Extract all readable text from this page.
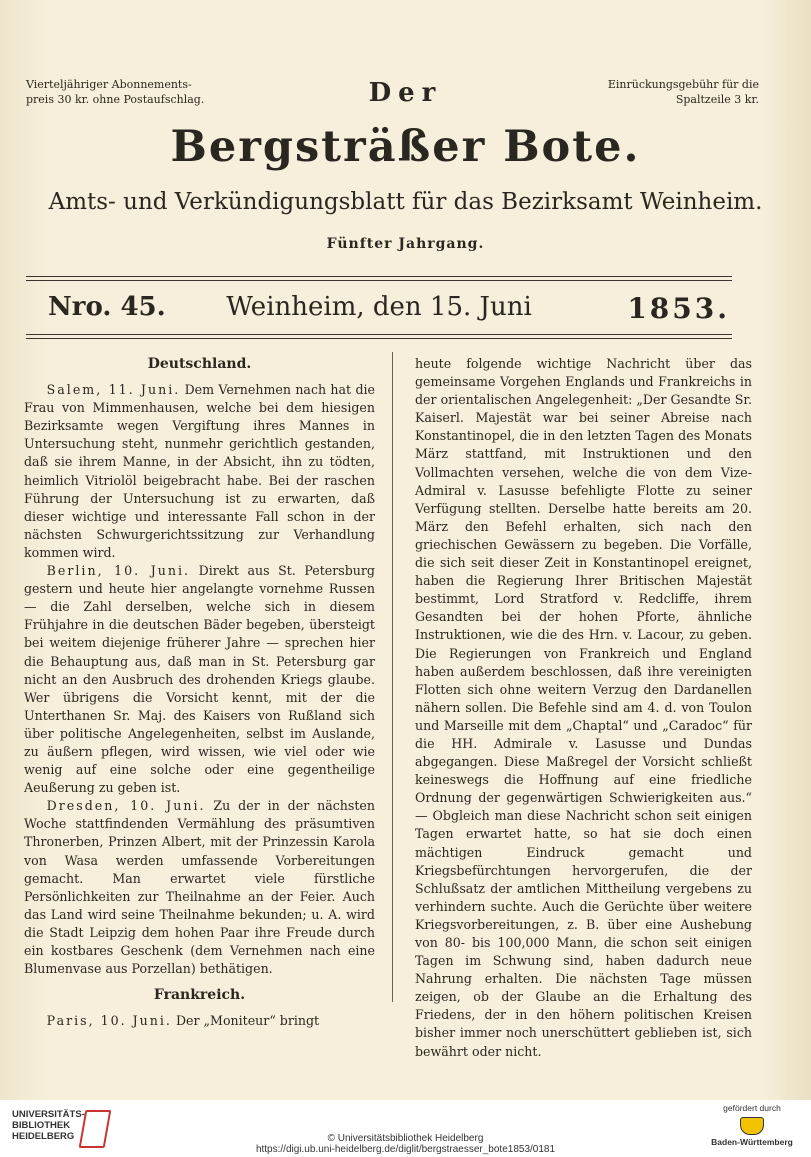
Vierteljähriger Abonnements-preis 30 kr. ohne Postaufschlag.
Einrückungsgebühr für die Spaltzeile 3 kr.
Der
Bergsträßer Bote.
Amts- und Verkündigungsblatt für das Bezirksamt Weinheim.
Fünfter Jahrgang.
Nro. 45.	Weinheim, den 15. Juni	1853.
Deutschland.

Salem, 11. Juni. Dem Vernehmen nach hat die Frau von Mimmenhausen, welche bei dem hiesigen Bezirksamte wegen Vergiftung ihres Mannes in Untersuchung steht, nunmehr gerichtlich gestanden, daß sie ihrem Manne, in der Absicht, ihn zu tödten, heimlich Vitriolöl beigebracht habe. Bei der raschen Führung der Untersuchung ist zu erwarten, daß dieser wichtige und interessante Fall schon in der nächsten Schwurgerichtssitzung zur Verhandlung kommen wird.

Berlin, 10. Juni. Direkt aus St. Petersburg gestern und heute hier angelangte vornehme Russen — die Zahl derselben, welche sich in diesem Frühjahre in die deutschen Bäder begeben, übersteigt bei weitem diejenige früherer Jahre — sprechen hier die Behauptung aus, daß man in St. Petersburg gar nicht an den Ausbruch des drohenden Kriegs glaube. Wer übrigens die Vorsicht kennt, mit der die Unterthanen Sr. Maj. des Kaisers von Rußland sich über politische Angelegenheiten, selbst im Auslande, zu äußern pflegen, wird wissen, wie viel oder wie wenig auf eine solche oder eine gegentheilige Aeußerung zu geben ist.

Dresden, 10. Juni. Zu der in der nächsten Woche stattfindenden Vermählung des präsumtiven Thronerben, Prinzen Albert, mit der Prinzessin Karola von Wasa werden umfassende Vorbereitungen gemacht. Man erwartet viele fürstliche Persönlichkeiten zur Theilnahme an der Feier. Auch das Land wird seine Theilnahme bekunden; u. A. wird die Stadt Leipzig dem hohen Paar ihre Freude durch ein kostbares Geschenk (dem Vernehmen nach eine Blumenvase aus Porzellan) bethätigen.

Frankreich.

Paris, 10. Juni. Der „Moniteur“ bringt

heute folgende wichtige Nachricht über das gemeinsame Vorgehen Englands und Frankreichs in der orientalischen Angelegenheit: „Der Gesandte Sr. Kaiserl. Majestät war bei seiner Abreise nach Konstantinopel, die in den letzten Tagen des Monats März stattfand, mit Instruktionen und den Vollmachten versehen, welche die von dem Vize-Admiral v. Lasusse befehligte Flotte zu seiner Verfügung stellten. Derselbe hatte bereits am 20. März den Befehl erhalten, sich nach den griechischen Gewässern zu begeben. Die Vorfälle, die sich seit dieser Zeit in Konstantinopel ereignet, haben die Regierung Ihrer Britischen Majestät bestimmt, Lord Stratford v. Redcliffe, ihrem Gesandten bei der hohen Pforte, ähnliche Instruktionen, wie die des Hrn. v. Lacour, zu geben. Die Regierungen von Frankreich und England haben außerdem beschlossen, daß ihre vereinigten Flotten sich ohne weitern Verzug den Dardanellen nähern sollen. Die Befehle sind am 4. d. von Toulon und Marseille mit dem „Chaptal“ und „Caradoc“ für die HH. Admirale v. Lasusse und Dundas abgegangen. Diese Maßregel der Vorsicht schließt keineswegs die Hoffnung auf eine friedliche Ordnung der gegenwärtigen Schwierigkeiten aus.“ — Obgleich man diese Nachricht schon seit einigen Tagen erwartet hatte, so hat sie doch einen mächtigen Eindruck gemacht und Kriegsbefürchtungen hervorgerufen, die der Schlußsatz der amtlichen Mittheilung vergebens zu verhindern suchte. Auch die Gerüchte über weitere Kriegsvorbereitungen, z. B. über eine Aushebung von 80- bis 100,000 Mann, die schon seit einigen Tagen im Schwung sind, haben dadurch neue Nahrung erhalten. Die nächsten Tage müssen zeigen, ob der Glaube an die Erhaltung des Friedens, der in den höhern politischen Kreisen bisher immer noch unerschüttert geblieben ist, sich bewährt oder nicht.

UNIVERSITÄTS-
BIBLIOTHEK
HEIDELBERG	© Universitätsbibliothek Heidelberg
https://digi.ub.uni-heidelberg.de/diglit/bergstraesser_bote1853/0181
gefördert durch
Baden-Württemberg
